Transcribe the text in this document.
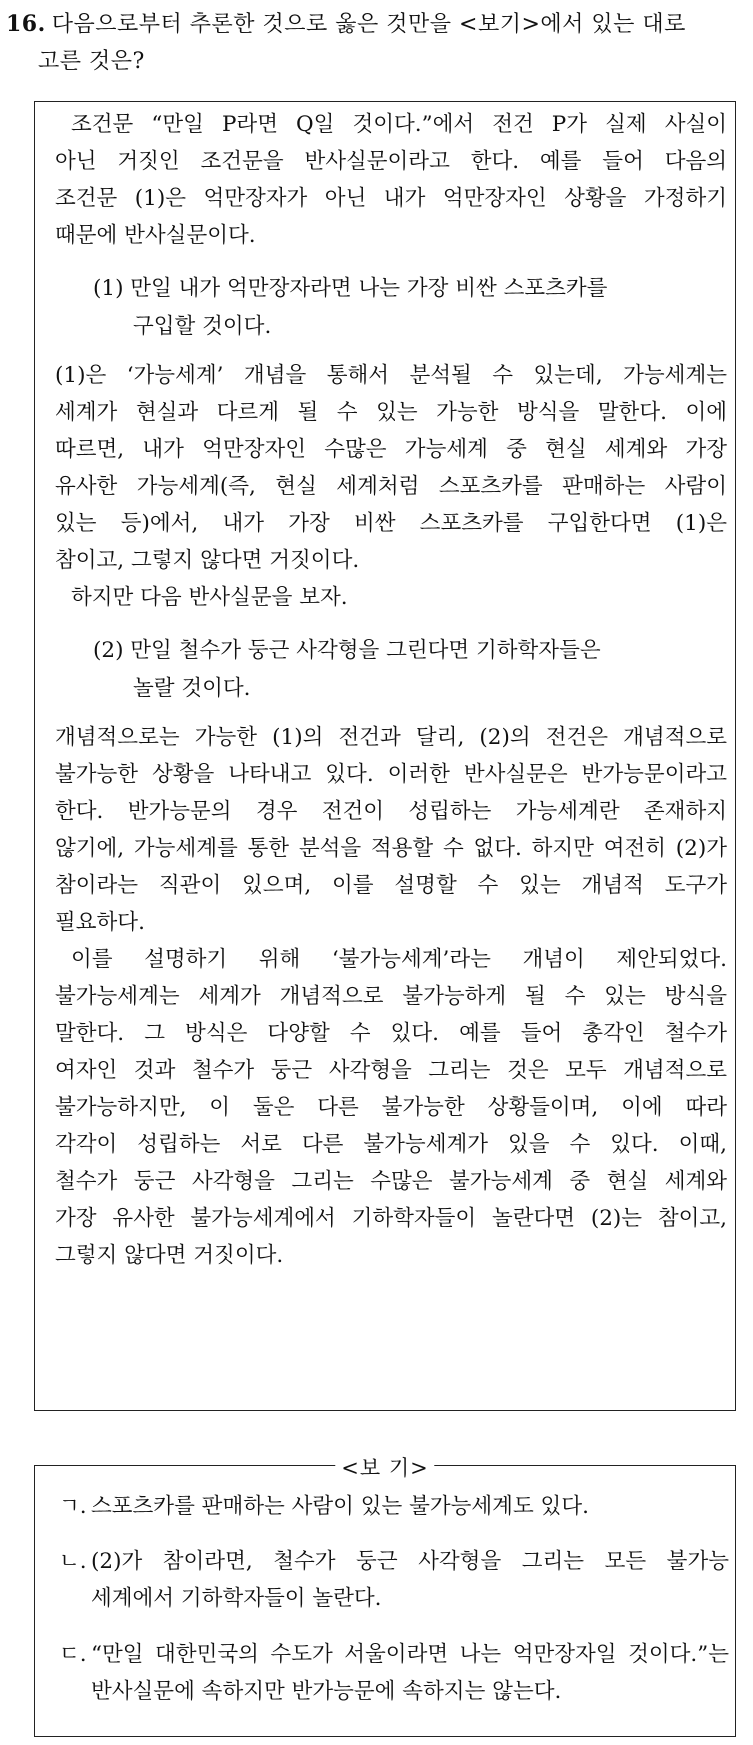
16. 다음으로부터 추론한 것으로 옳은 것만을 <보기>에서 있는 대로
고른 것은?
조건문 “만일 P라면 Q일 것이다.”에서 전건 P가 실제 사실이
아닌 거짓인 조건문을 반사실문이라고 한다. 예를 들어 다음의
조건문 (1)은 억만장자가 아닌 내가 억만장자인 상황을 가정하기
때문에 반사실문이다.
(1) 만일 내가 억만장자라면 나는 가장 비싼 스포츠카를
구입할 것이다.
(1)은 ‘가능세계’ 개념을 통해서 분석될 수 있는데, 가능세계는
세계가 현실과 다르게 될 수 있는 가능한 방식을 말한다. 이에
따르면, 내가 억만장자인 수많은 가능세계 중 현실 세계와 가장
유사한 가능세계(즉, 현실 세계처럼 스포츠카를 판매하는 사람이
있는 등)에서, 내가 가장 비싼 스포츠카를 구입한다면 (1)은
참이고, 그렇지 않다면 거짓이다.
하지만 다음 반사실문을 보자.
(2) 만일 철수가 둥근 사각형을 그린다면 기하학자들은
놀랄 것이다.
개념적으로는 가능한 (1)의 전건과 달리, (2)의 전건은 개념적으로
불가능한 상황을 나타내고 있다. 이러한 반사실문은 반가능문이라고
한다. 반가능문의 경우 전건이 성립하는 가능세계란 존재하지
않기에, 가능세계를 통한 분석을 적용할 수 없다. 하지만 여전히 (2)가
참이라는 직관이 있으며, 이를 설명할 수 있는 개념적 도구가
필요하다.
이를 설명하기 위해 ‘불가능세계’라는 개념이 제안되었다.
불가능세계는 세계가 개념적으로 불가능하게 될 수 있는 방식을
말한다. 그 방식은 다양할 수 있다. 예를 들어 총각인 철수가
여자인 것과 철수가 둥근 사각형을 그리는 것은 모두 개념적으로
불가능하지만, 이 둘은 다른 불가능한 상황들이며, 이에 따라
각각이 성립하는 서로 다른 불가능세계가 있을 수 있다. 이때,
철수가 둥근 사각형을 그리는 수많은 불가능세계 중 현실 세계와
가장 유사한 불가능세계에서 기하학자들이 놀란다면 (2)는 참이고,
그렇지 않다면 거짓이다.
ㄱ. 스포츠카를 판매하는 사람이 있는 불가능세계도 있다.
ㄴ. (2)가 참이라면, 철수가 둥근 사각형을 그리는 모든 불가능
세계에서 기하학자들이 놀란다.
ㄷ. “만일 대한민국의 수도가 서울이라면 나는 억만장자일 것이다.”는
반사실문에 속하지만 반가능문에 속하지는 않는다.
<보 기>
